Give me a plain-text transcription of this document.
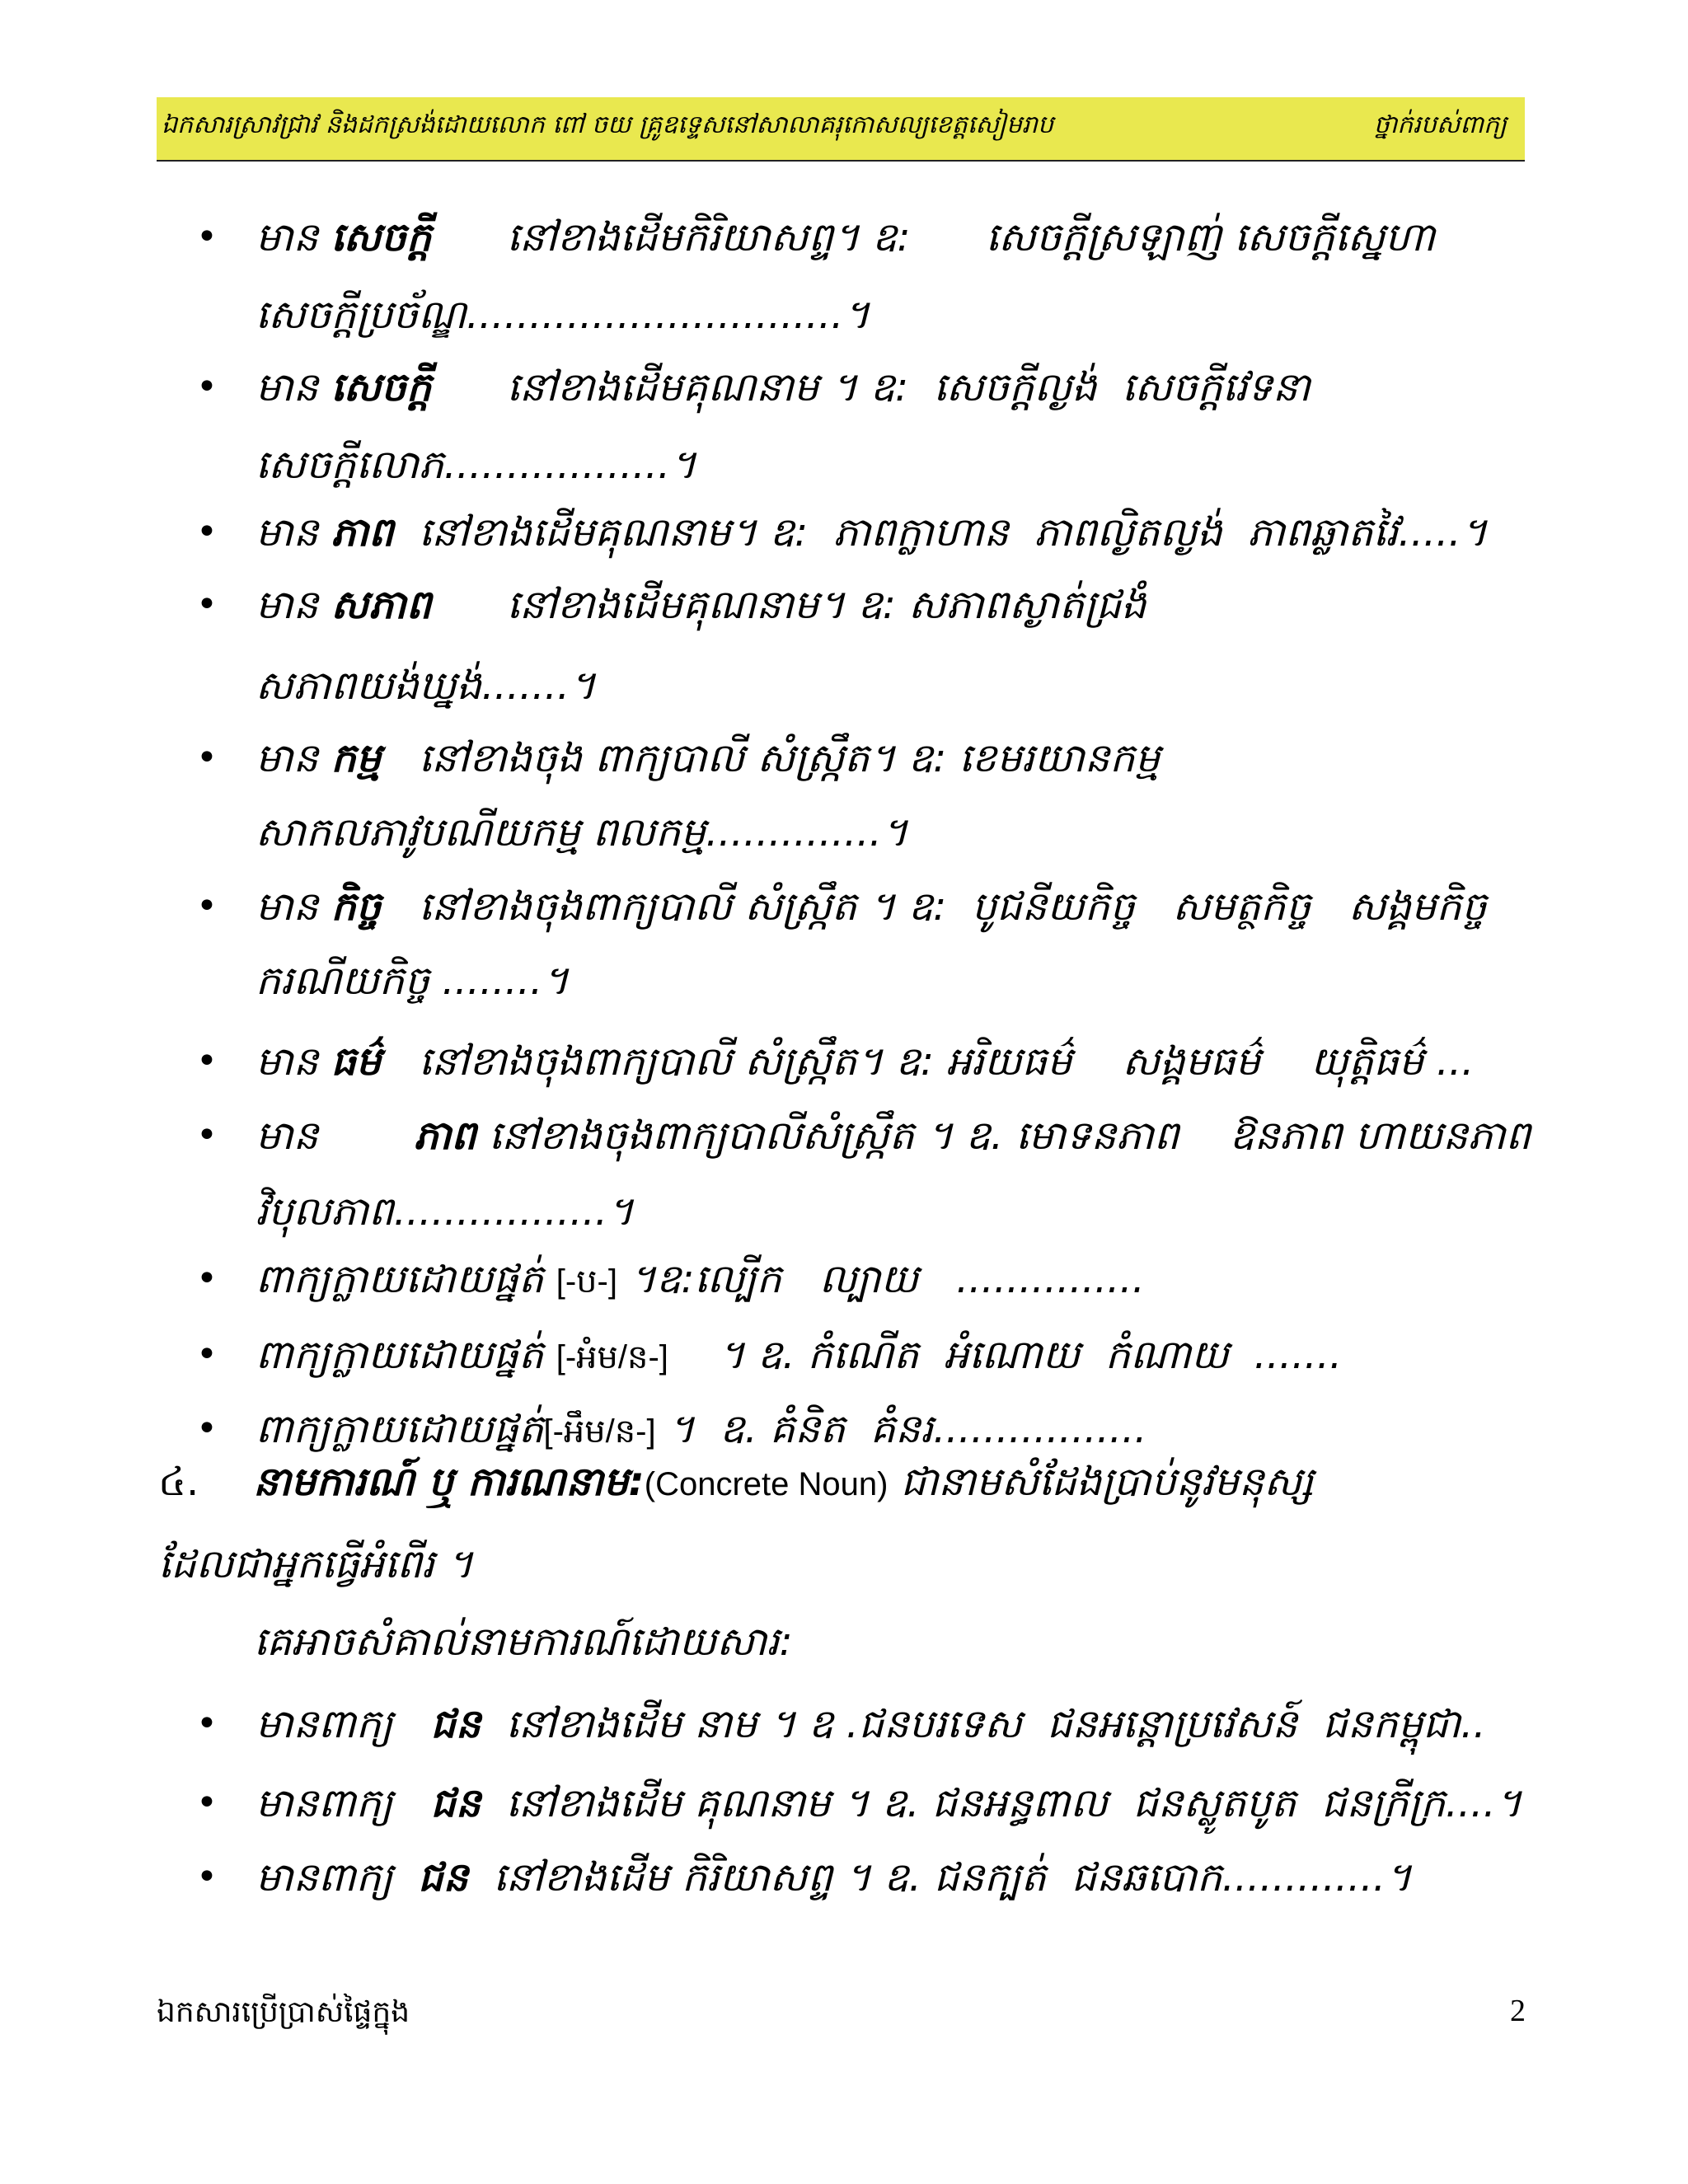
ឯកសារស្រាវជ្រាវ និងដកស្រង់ដោយលោក ពៅ ចយ គ្រូឧទ្ទេសនៅសាលាគរុកោសល្យខេត្តសៀមរាប	ថ្នាក់របស់ពាក្យ
• មាន សេចក្តី      នៅខាងដើមកិរិយាសព្ទ។ ឧ:      សេចក្តីស្រឡាញ់ សេចក្តីស្នេហា
សេចក្តីប្រច័ណ្ឌ..............................។
• មាន សេចក្តី      នៅខាងដើមគុណនាម ។ ឧ:  សេចក្តីល្ងង់  សេចក្តីវេទនា
សេចក្តីលោភ..................។
• មាន ភាព  នៅខាងដើមគុណនាម។ ឧ:  ភាពក្លាហាន  ភាពល្ងិតល្ងង់  ភាពឆ្លាតវៃ.....។
• មាន សភាព      នៅខាងដើមគុណនាម។ ឧ: សភាពស្ងាត់ជ្រងំ
សភាពយង់ឃ្នង់.......។
• មាន កម្ម   នៅខាងចុង ពាក្យបាលី សំស្ក្រឹត។ ឧ: ខេមរយានកម្ម
សាកលភាវូបណីយកម្ម ពលកម្ម..............។
• មាន កិច្ច   នៅខាងចុងពាក្យបាលី សំស្ក្រឹត ។ ឧ:  បូជនីយកិច្ច   សមត្ថកិច្ច   សង្គមកិច្ច
ករណីយកិច្ច ........។
• មាន ធម៌   នៅខាងចុងពាក្យបាលី សំស្ក្រឹត។ ឧ: អរិយធម៌    សង្គមធម៌    យុត្តិធម៌ ...
• មាន       ភាព នៅខាងចុងពាក្យបាលីសំស្ក្រឹត ។ ឧ. មោទនភាព    ឱនភាព ហាយនភាព
វិបុលភាព.................។
• ពាក្យក្លាយដោយផ្នត់ [-ប-] ។ឧ:ល្បើក   ល្បាយ   ...............
• ពាក្យក្លាយដោយផ្នត់ [-អំម/ន-]    ។ ឧ. កំណើត  អំណោយ  កំណាយ  .......
• ពាក្យក្លាយដោយផ្នត់[-អឹម/ន-] ។  ឧ. គំនិត  គំនរ.................
៤. នាមការណ៍ ឬ ការណនាម:(Concrete Noun) ជានាមសំដែងប្រាប់នូវមនុស្ស
ដែលជាអ្នកធ្វើអំពើរ ។
គេអាចសំគាល់នាមការណ៍ដោយសារ:
• មានពាក្យ   ជន  នៅខាងដើម នាម ។ ឧ .ជនបរទេស  ជនអន្តោប្រវេសន៍  ជនកម្ពុជា..
• មានពាក្យ   ជន  នៅខាងដើម គុណនាម ។ ឧ. ជនអន្ធពាល  ជនស្លូតបូត  ជនក្រីក្រ....។
• មានពាក្យ  ជន  នៅខាងដើម កិរិយាសព្ទ ។ ឧ. ជនក្បត់  ជនឆបោក.............។
ឯកសារប្រើប្រាស់ផ្ទៃក្នុង	2
